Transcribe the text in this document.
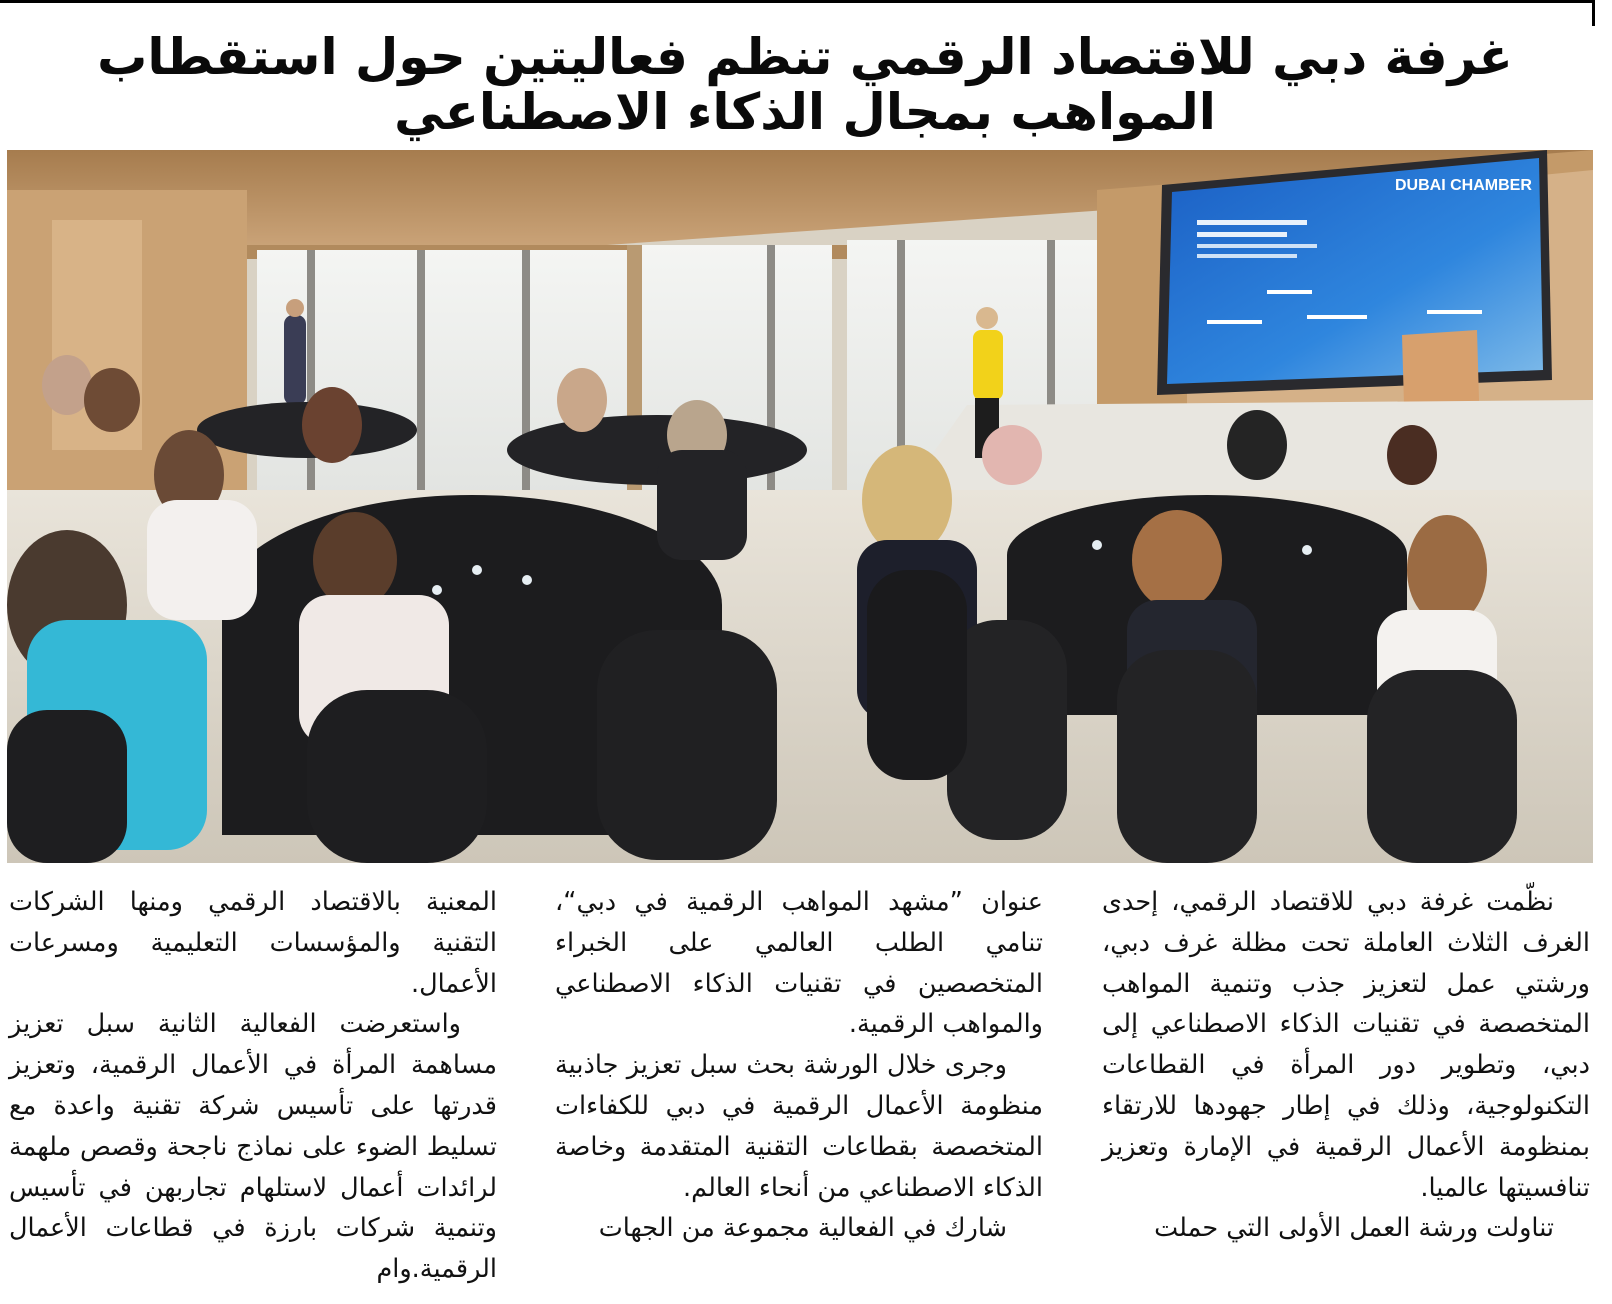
غرفة دبي للاقتصاد الرقمي تنظم فعاليتين حول استقطاب المواهب بمجال الذكاء الاصطناعي
DUBAI CHAMBER

نظّمت غرفة دبي للاقتصاد الرقمي، إحدى الغرف الثلاث العاملة تحت مظلة غرف دبي، ورشتي عمل لتعزيز جذب وتنمية المواهب المتخصصة في تقنيات الذكاء الاصطناعي إلى دبي، وتطوير دور المرأة في القطاعات التكنولوجية، وذلك في إطار جهودها للارتقاء بمنظومة الأعمال الرقمية في الإمارة وتعزيز تنافسيتها عالميا.

تناولت ورشة العمل الأولى التي حملت

عنوان ”مشهد المواهب الرقمية في دبي“، تنامي الطلب العالمي على الخبراء المتخصصين في تقنيات الذكاء الاصطناعي والمواهب الرقمية.

وجرى خلال الورشة بحث سبل تعزيز جاذبية منظومة الأعمال الرقمية في دبي للكفاءات المتخصصة بقطاعات التقنية المتقدمة وخاصة الذكاء الاصطناعي من أنحاء العالم.

شارك في الفعالية مجموعة من الجهات

المعنية بالاقتصاد الرقمي ومنها الشركات التقنية والمؤسسات التعليمية ومسرعات الأعمال.

واستعرضت الفعالية الثانية سبل تعزيز مساهمة المرأة في الأعمال الرقمية، وتعزيز قدرتها على تأسيس شركة تقنية واعدة مع تسليط الضوء على نماذج ناجحة وقصص ملهمة لرائدات أعمال لاستلهام تجاربهن في تأسيس وتنمية شركات بارزة في قطاعات الأعمال الرقمية.وام
